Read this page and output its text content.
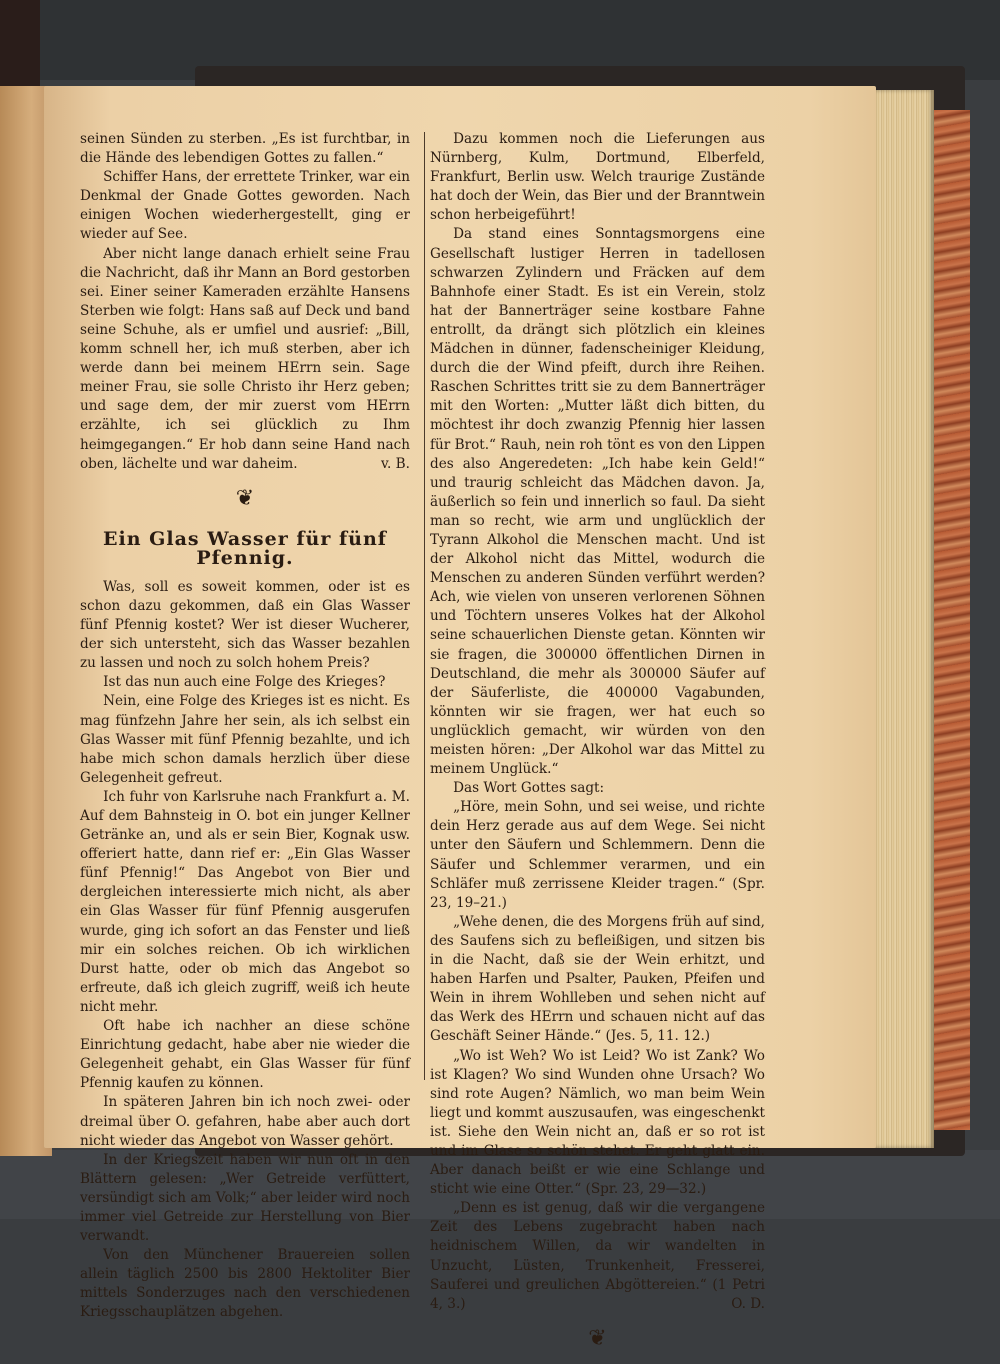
seinen Sünden zu sterben. „Es ist furchtbar, in die Hände des lebendigen Gottes zu fallen.“

Schiffer Hans, der errettete Trinker, war ein Denkmal der Gnade Gottes geworden. Nach einigen Wochen wiederhergestellt, ging er wieder auf See.

Aber nicht lange danach erhielt seine Frau die Nachricht, daß ihr Mann an Bord gestorben sei. Einer seiner Kameraden erzählte Hansens Sterben wie folgt: Hans saß auf Deck und band seine Schuhe, als er umfiel und ausrief: „Bill, komm schnell her, ich muß sterben, aber ich werde dann bei meinem HErrn sein. Sage meiner Frau, sie solle Christo ihr Herz geben; und sage dem, der mir zuerst vom HErrn erzählte, ich sei glücklich zu Ihm heimgegangen.“ Er hob dann seine Hand nach oben, lächelte und war daheim.	v. B.

❦
Ein Glas Wasser für fünf Pfennig.

Was, soll es soweit kommen, oder ist es schon dazu gekommen, daß ein Glas Wasser fünf Pfennig kostet? Wer ist dieser Wucherer, der sich untersteht, sich das Wasser bezahlen zu lassen und noch zu solch hohem Preis?

Ist das nun auch eine Folge des Krieges?

Nein, eine Folge des Krieges ist es nicht. Es mag fünfzehn Jahre her sein, als ich selbst ein Glas Wasser mit fünf Pfennig bezahlte, und ich habe mich schon damals herzlich über diese Gelegenheit gefreut.

Ich fuhr von Karlsruhe nach Frankfurt a. M. Auf dem Bahnsteig in O. bot ein junger Kellner Getränke an, und als er sein Bier, Kognak usw. offeriert hatte, dann rief er: „Ein Glas Wasser fünf Pfennig!“ Das Angebot von Bier und dergleichen interessierte mich nicht, als aber ein Glas Wasser für fünf Pfennig ausgerufen wurde, ging ich sofort an das Fenster und ließ mir ein solches reichen. Ob ich wirklichen Durst hatte, oder ob mich das Angebot so erfreute, daß ich gleich zugriff, weiß ich heute nicht mehr.

Oft habe ich nachher an diese schöne Einrichtung gedacht, habe aber nie wieder die Gelegenheit gehabt, ein Glas Wasser für fünf Pfennig kaufen zu können.

In späteren Jahren bin ich noch zwei- oder dreimal über O. gefahren, habe aber auch dort nicht wieder das Angebot von Wasser gehört.

In der Kriegszeit haben wir nun oft in den Blättern gelesen: „Wer Getreide verfüttert, versündigt sich am Volk;“ aber leider wird noch immer viel Getreide zur Herstellung von Bier verwandt.

Von den Münchener Brauereien sollen allein täglich 2500 bis 2800 Hektoliter Bier mittels Sonderzuges nach den verschiedenen Kriegsschauplätzen abgehen.

Dazu kommen noch die Lieferungen aus Nürnberg, Kulm, Dortmund, Elberfeld, Frankfurt, Berlin usw. Welch traurige Zustände hat doch der Wein, das Bier und der Branntwein schon herbeigeführt!

Da stand eines Sonntagsmorgens eine Gesellschaft lustiger Herren in tadellosen schwarzen Zylindern und Fräcken auf dem Bahnhofe einer Stadt. Es ist ein Verein, stolz hat der Bannerträger seine kostbare Fahne entrollt, da drängt sich plötzlich ein kleines Mädchen in dünner, fadenscheiniger Kleidung, durch die der Wind pfeift, durch ihre Reihen. Raschen Schrittes tritt sie zu dem Bannerträger mit den Worten: „Mutter läßt dich bitten, du möchtest ihr doch zwanzig Pfennig hier lassen für Brot.“ Rauh, nein roh tönt es von den Lippen des also Angeredeten: „Ich habe kein Geld!“ und traurig schleicht das Mädchen davon. Ja, äußerlich so fein und innerlich so faul. Da sieht man so recht, wie arm und unglücklich der Tyrann Alkohol die Menschen macht. Und ist der Alkohol nicht das Mittel, wodurch die Menschen zu anderen Sünden verführt werden? Ach, wie vielen von unseren verlorenen Söhnen und Töchtern unseres Volkes hat der Alkohol seine schauerlichen Dienste getan. Könnten wir sie fragen, die 300000 öffentlichen Dirnen in Deutschland, die mehr als 300000 Säufer auf der Säuferliste, die 400000 Vagabunden, könnten wir sie fragen, wer hat euch so unglücklich gemacht, wir würden von den meisten hören: „Der Alkohol war das Mittel zu meinem Unglück.“

Das Wort Gottes sagt:

„Höre, mein Sohn, und sei weise, und richte dein Herz gerade aus auf dem Wege. Sei nicht unter den Säufern und Schlemmern. Denn die Säufer und Schlemmer verarmen, und ein Schläfer muß zerrissene Kleider tragen.“ (Spr. 23, 19–21.)

„Wehe denen, die des Morgens früh auf sind, des Saufens sich zu befleißigen, und sitzen bis in die Nacht, daß sie der Wein erhitzt, und haben Harfen und Psalter, Pauken, Pfeifen und Wein in ihrem Wohlleben und sehen nicht auf das Werk des HErrn und schauen nicht auf das Geschäft Seiner Hände.“ (Jes. 5, 11. 12.)

„Wo ist Weh? Wo ist Leid? Wo ist Zank? Wo ist Klagen? Wo sind Wunden ohne Ursach? Wo sind rote Augen? Nämlich, wo man beim Wein liegt und kommt auszusaufen, was eingeschenkt ist. Siehe den Wein nicht an, daß er so rot ist und im Glase so schön stehet. Er geht glatt ein. Aber danach beißt er wie eine Schlange und sticht wie eine Otter.“ (Spr. 23, 29—32.)

„Denn es ist genug, daß wir die vergangene Zeit des Lebens zugebracht haben nach heidnischem Willen, da wir wandelten in Unzucht, Lüsten, Trunkenheit, Fresserei, Sauferei und greulichen Abgöttereien.“ (1 Petri 4, 3.)	O. D.

❦
